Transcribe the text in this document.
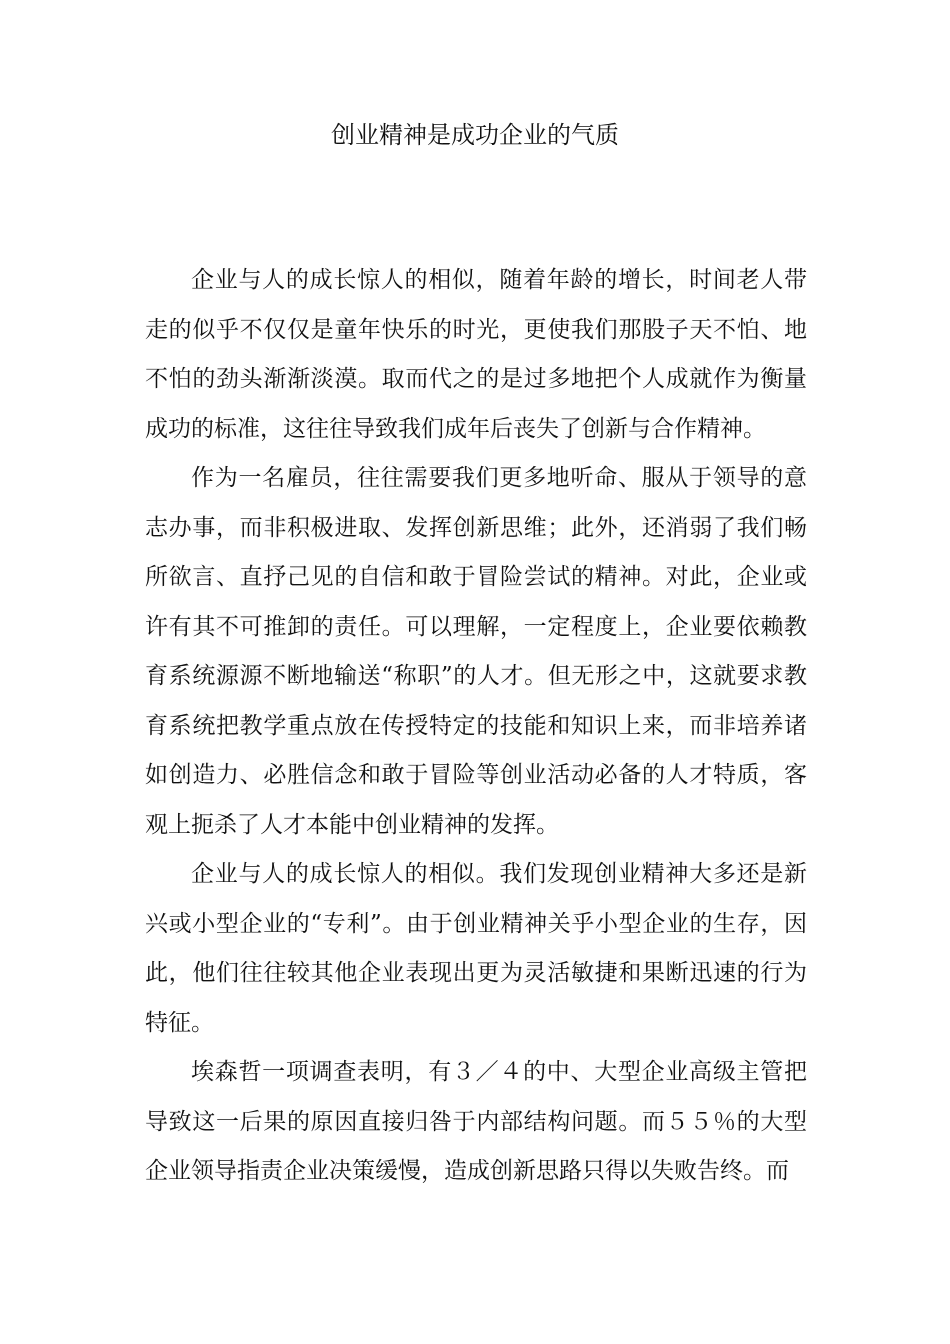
创业精神是成功企业的气质

企业与人的成长惊人的相似，随着年龄的增长，时间老人带走的似乎不仅仅是童年快乐的时光，更使我们那股子天不怕、地不怕的劲头渐渐淡漠。取而代之的是过多地把个人成就作为衡量成功的标准，这往往导致我们成年后丧失了创新与合作精神。

作为一名雇员，往往需要我们更多地听命、服从于领导的意志办事，而非积极进取、发挥创新思维；此外，还消弱了我们畅所欲言、直抒己见的自信和敢于冒险尝试的精神。对此，企业或许有其不可推卸的责任。可以理解，一定程度上，企业要依赖教育系统源源不断地输送“称职”的人才。但无形之中，这就要求教育系统把教学重点放在传授特定的技能和知识上来，而非培养诸如创造力、必胜信念和敢于冒险等创业活动必备的人才特质，客观上扼杀了人才本能中创业精神的发挥。

企业与人的成长惊人的相似。我们发现创业精神大多还是新兴或小型企业的“专利”。由于创业精神关乎小型企业的生存，因此，他们往往较其他企业表现出更为灵活敏捷和果断迅速的行为特征。

埃森哲一项调查表明，有３／４的中、大型企业高级主管把导致这一后果的原因直接归咎于内部结构问题。而５５％的大型企业领导指责企业决策缓慢，造成创新思路只得以失败告终。而
